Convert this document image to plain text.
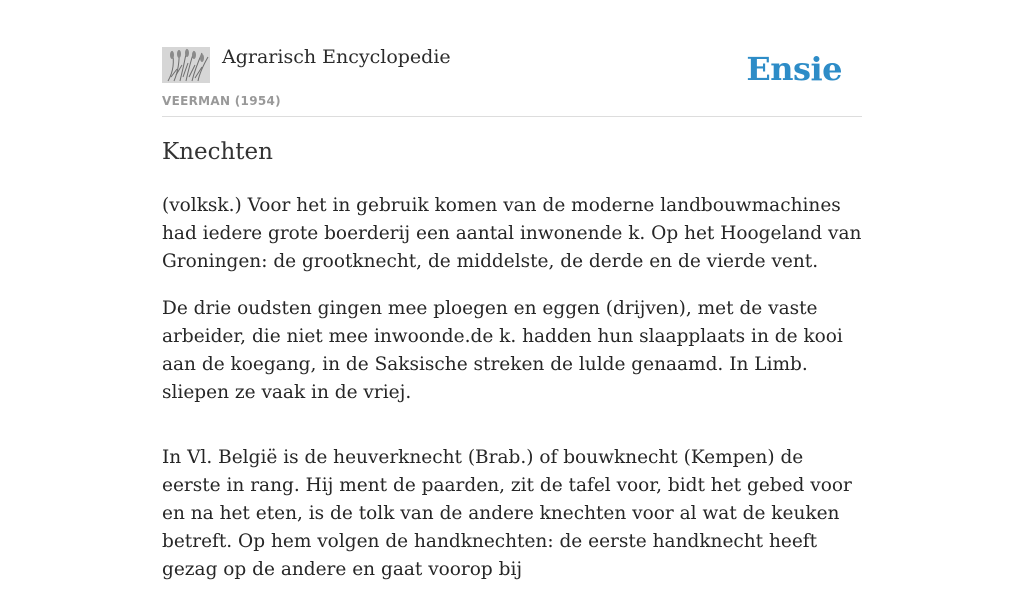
Agrarisch Encyclopedie
VEERMAN (1954)
Ensie
Knechten

(volksk.) Voor het in gebruik komen van de moderne landbouwmachines had iedere grote boerderij een aantal inwonende k. Op het Hoogeland van Groningen: de grootknecht, de middelste, de derde en de vierde vent.

De drie oudsten gingen mee ploegen en eggen (drijven), met de vaste arbeider, die niet mee inwoonde.de k. hadden hun slaapplaats in de kooi aan de koegang, in de Saksische streken de lulde genaamd. In Limb. sliepen ze vaak in de vriej.

In Vl. België is de heuverknecht (Brab.) of bouwknecht (Kempen) de eerste in rang. Hij ment de paarden, zit de tafel voor, bidt het gebed voor en na het eten, is de tolk van de andere knechten voor al wat de keuken betreft. Op hem volgen de handknechten: de eerste handknecht heeft gezag op de andere en gaat voorop bij
